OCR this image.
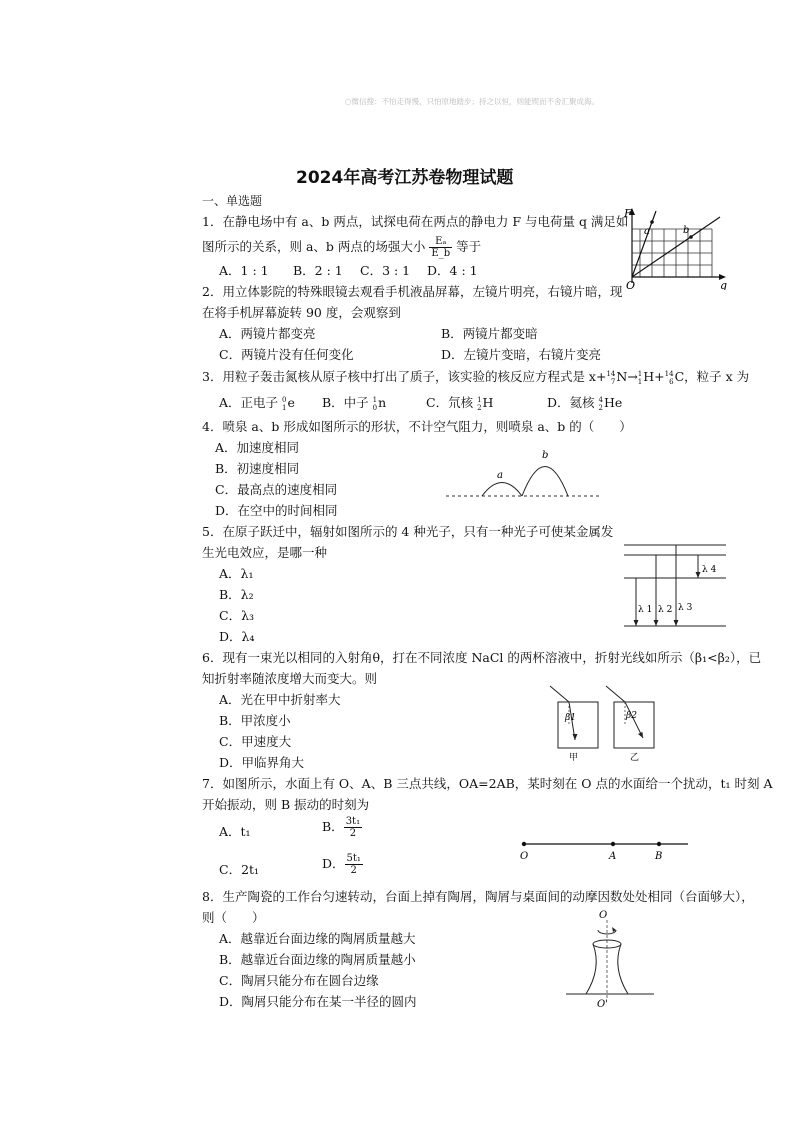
○微信搜：不怕走得慢，只怕原地踏步；持之以恒，则能锲而不舍汇聚成海。
2024年高考江苏卷物理试题
一、单选题
1．在静电场中有 a、b 两点，试探电荷在两点的静电力 F 与电荷量 q 满足如
图所示的关系，则 a、b 两点的场强大小 $\frac{\text{Eₐ}}{E\_b}$ 等于
A．1 : 1 B．2 : 1 C．3 : 1 D．4 : 1
F
q
O
a	b
2．用立体影院的特殊眼镜去观看手机液晶屏幕，左镜片明亮，右镜片暗，现
在将手机屏幕旋转 90 度，会观察到
A．两镜片都变亮	B．两镜片都变暗
C．两镜片没有任何变化	D．左镜片变暗，右镜片变亮
3．用粒子轰击氮核从原子核中打出了质子，该实验的核反应方程式是 x+ 14
7 N→ 1
1 H+ 14
6 C，粒子 x 为
A．正电子 0
1 e B．中子 1
0 n	C．氘核 1
2 H	D．氦核 4
2 He
4．喷泉 a、b 形成如图所示的形状，不计空气阻力，则喷泉 a、b 的（　　）
A．加速度相同
B．初速度相同
C．最高点的速度相同
D．在空中的时间相同
a
b
5．在原子跃迁中，辐射如图所示的 4 种光子，只有一种光子可使某金属发
生光电效应，是哪一种
A．λ₁
B．λ₂
C．λ₃
D．λ₄
λ 4
λ 1 λ 2 λ 3
6．现有一束光以相同的入射角θ，打在不同浓度 NaCl 的两杯溶液中，折射光线如所示（β₁<β₂），已
知折射率随浓度增大而变大。则
A．光在甲中折射率大
B．甲浓度小
C．甲速度大
D．甲临界角大
β1	β2
甲	乙
7．如图所示，水面上有 O、A、B 三点共线，OA=2AB，某时刻在 O 点的水面给一个扰动，t₁ 时刻 A
开始振动，则 B 振动的时刻为
A．t₁	B． $\frac{\text{3t₁}}{2}$
C．2t₁	D． $\frac{\text{5t₁}}{2}$	O	A	B
8．生产陶瓷的工作台匀速转动，台面上掉有陶屑，陶屑与桌面间的动摩因数处处相同（台面够大），
则（　　）
A．越靠近台面边缘的陶屑质量越大
B．越靠近台面边缘的陶屑质量越小
C．陶屑只能分布在圆台边缘
D．陶屑只能分布在某一半径的圆内
O
O'
